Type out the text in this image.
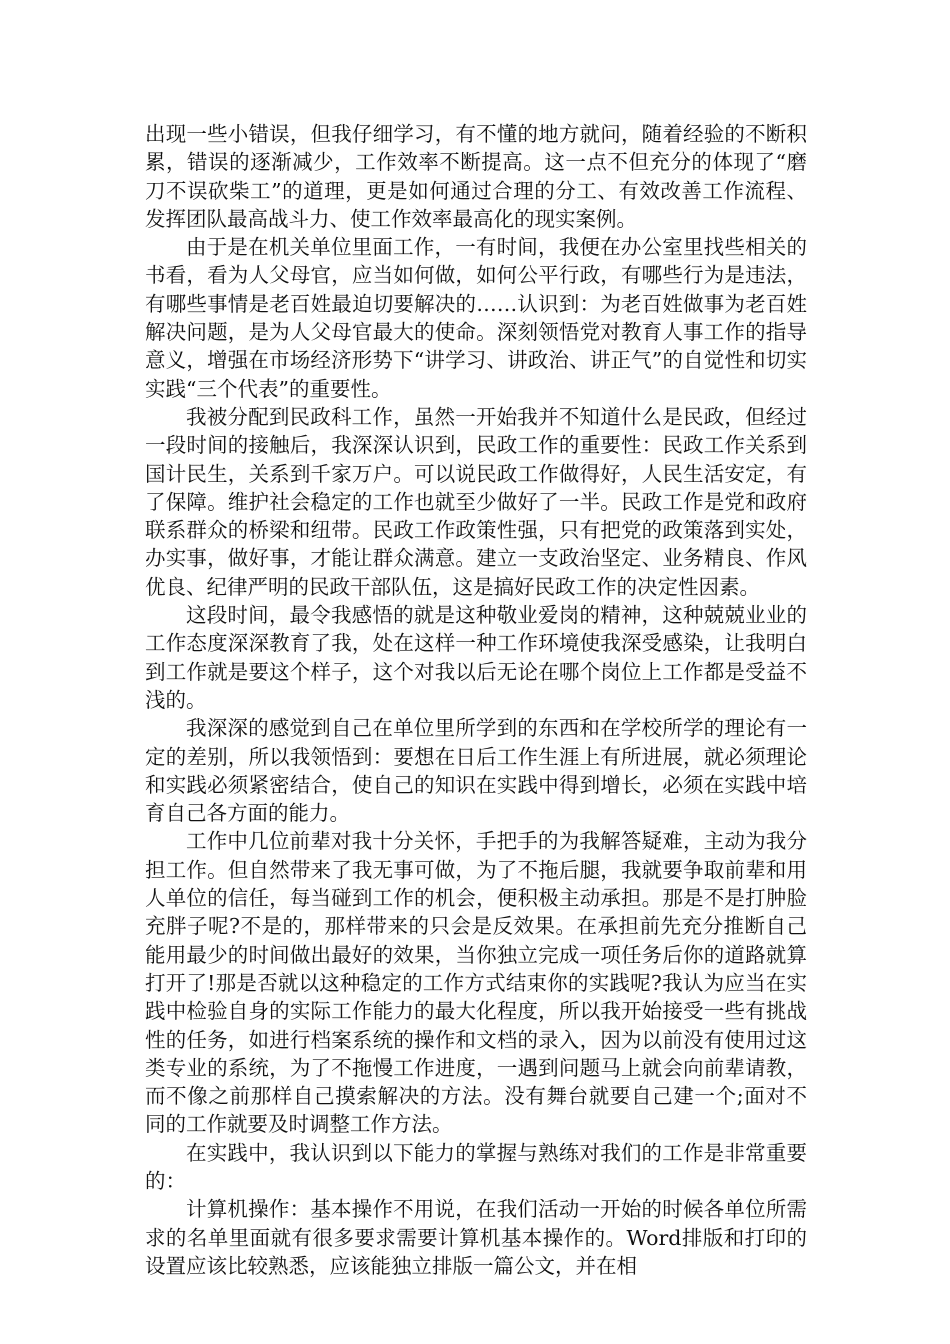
出现一些小错误，但我仔细学习，有不懂的地方就问，随着经验的不断积累，错误的逐渐减少，工作效率不断提高。这一点不但充分的体现了“磨刀不误砍柴工”的道理，更是如何通过合理的分工、有效改善工作流程、发挥团队最高战斗力、使工作效率最高化的现实案例。

由于是在机关单位里面工作，一有时间，我便在办公室里找些相关的书看，看为人父母官，应当如何做，如何公平行政，有哪些行为是违法，有哪些事情是老百姓最迫切要解决的……认识到：为老百姓做事为老百姓解决问题，是为人父母官最大的使命。深刻领悟党对教育人事工作的指导意义，增强在市场经济形势下“讲学习、讲政治、讲正气”的自觉性和切实实践“三个代表”的重要性。

我被分配到民政科工作，虽然一开始我并不知道什么是民政，但经过一段时间的接触后，我深深认识到，民政工作的重要性：民政工作关系到国计民生，关系到千家万户。可以说民政工作做得好，人民生活安定，有了保障。维护社会稳定的工作也就至少做好了一半。民政工作是党和政府联系群众的桥梁和纽带。民政工作政策性强，只有把党的政策落到实处，办实事，做好事，才能让群众满意。建立一支政治坚定、业务精良、作风优良、纪律严明的民政干部队伍，这是搞好民政工作的决定性因素。

这段时间，最令我感悟的就是这种敬业爱岗的精神，这种兢兢业业的工作态度深深教育了我，处在这样一种工作环境使我深受感染，让我明白到工作就是要这个样子，这个对我以后无论在哪个岗位上工作都是受益不浅的。

我深深的感觉到自己在单位里所学到的东西和在学校所学的理论有一定的差别，所以我领悟到：要想在日后工作生涯上有所进展，就必须理论和实践必须紧密结合，使自己的知识在实践中得到增长，必须在实践中培育自己各方面的能力。

工作中几位前辈对我十分关怀，手把手的为我解答疑难，主动为我分担工作。但自然带来了我无事可做，为了不拖后腿，我就要争取前辈和用人单位的信任，每当碰到工作的机会，便积极主动承担。那是不是打肿脸充胖子呢?不是的，那样带来的只会是反效果。在承担前先充分推断自己能用最少的时间做出最好的效果，当你独立完成一项任务后你的道路就算打开了!那是否就以这种稳定的工作方式结束你的实践呢?我认为应当在实践中检验自身的实际工作能力的最大化程度，所以我开始接受一些有挑战性的任务，如进行档案系统的操作和文档的录入，因为以前没有使用过这类专业的系统，为了不拖慢工作进度，一遇到问题马上就会向前辈请教，而不像之前那样自己摸索解决的方法。没有舞台就要自己建一个;面对不同的工作就要及时调整工作方法。

在实践中，我认识到以下能力的掌握与熟练对我们的工作是非常重要的：

计算机操作：基本操作不用说，在我们活动一开始的时候各单位所需求的名单里面就有很多要求需要计算机基本操作的。Word排版和打印的设置应该比较熟悉，应该能独立排版一篇公文，并在相
